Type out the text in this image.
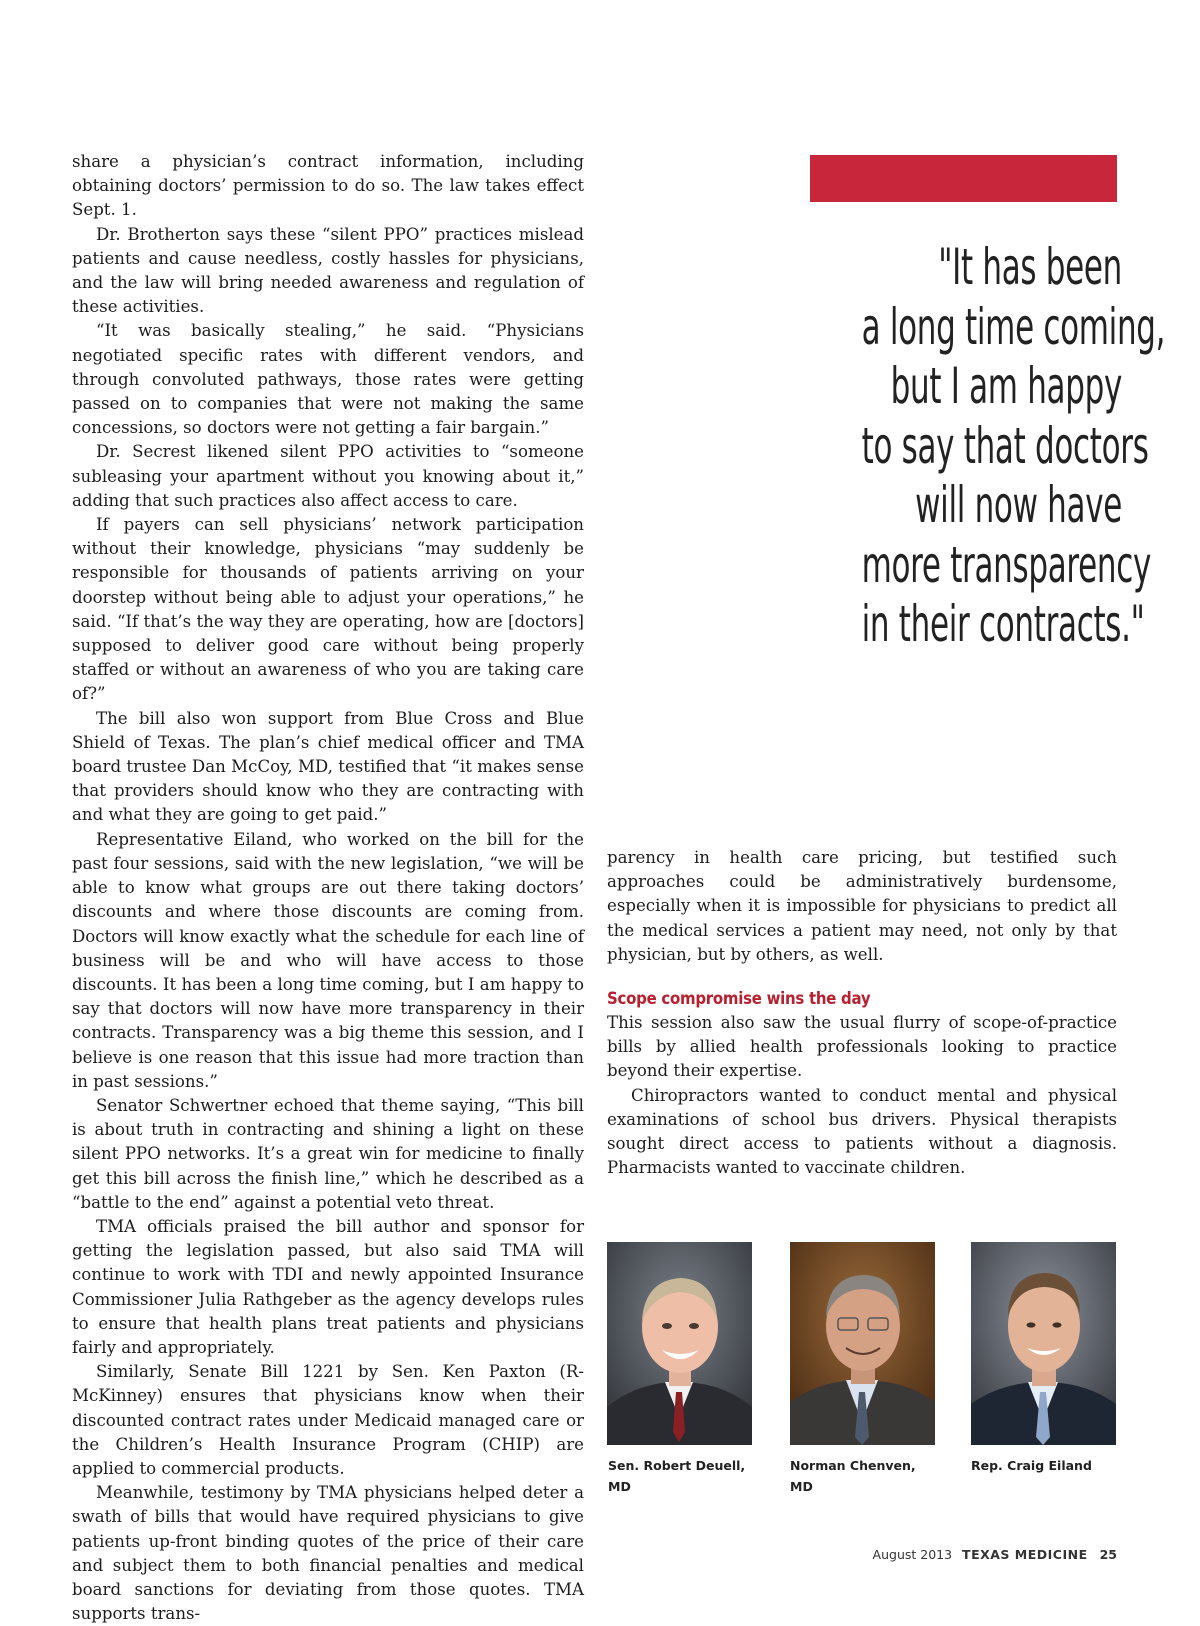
share a physician’s contract information, including obtaining doctors’ permission to do so. The law takes effect Sept. 1.

Dr. Brotherton says these “silent PPO” practices mislead patients and cause needless, costly hassles for physicians, and the law will bring needed awareness and regulation of these activities.

“It was basically stealing,” he said. “Physicians negotiated specific rates with different vendors, and through convoluted pathways, those rates were getting passed on to companies that were not making the same concessions, so doctors were not getting a fair bargain.”

Dr. Secrest likened silent PPO activities to “someone subleasing your apartment without you knowing about it,” adding that such practices also affect access to care.

If payers can sell physicians’ network participation without their knowledge, physicians “may suddenly be responsible for thousands of patients arriving on your doorstep without being able to adjust your operations,” he said. “If that’s the way they are operating, how are [doctors] supposed to deliver good care without being properly staffed or without an awareness of who you are taking care of?”

The bill also won support from Blue Cross and Blue Shield of Texas. The plan’s chief medical officer and TMA board trustee Dan McCoy, MD, testified that “it makes sense that providers should know who they are contracting with and what they are going to get paid.”

Representative Eiland, who worked on the bill for the past four sessions, said with the new legislation, “we will be able to know what groups are out there taking doctors’ discounts and where those discounts are coming from. Doctors will know exactly what the schedule for each line of business will be and who will have access to those discounts. It has been a long time coming, but I am happy to say that doctors will now have more transparency in their contracts. Transparency was a big theme this session, and I believe is one reason that this issue had more traction than in past sessions.”

Senator Schwertner echoed that theme saying, “This bill is about truth in contracting and shining a light on these silent PPO networks. It’s a great win for medicine to finally get this bill across the finish line,” which he described as a “battle to the end” against a potential veto threat.

TMA officials praised the bill author and sponsor for getting the legislation passed, but also said TMA will continue to work with TDI and newly appointed Insurance Commissioner Julia Rathgeber as the agency develops rules to ensure that health plans treat patients and physicians fairly and appropriately.

Similarly, Senate Bill 1221 by Sen. Ken Paxton (R-McKinney) ensures that physicians know when their discounted contract rates under Medicaid managed care or the Children’s Health Insurance Program (CHIP) are applied to commercial products.

Meanwhile, testimony by TMA physicians helped deter a swath of bills that would have required physicians to give patients up-front binding quotes of the price of their care and subject them to both financial penalties and medical board sanctions for deviating from those quotes. TMA supports trans-

"It has been
a long time coming,
but I am happy
to say that doctors
will now have
more transparency
in their contracts."

parency in health care pricing, but testified such approaches could be administratively burdensome, especially when it is impossible for physicians to predict all the medical services a patient may need, not only by that physician, but by others, as well.

Scope compromise wins the day

This session also saw the usual flurry of scope-of-practice bills by allied health professionals looking to practice beyond their expertise.

Chiropractors wanted to conduct mental and physical examinations of school bus drivers. Physical therapists sought direct access to patients without a diagnosis. Pharmacists wanted to vaccinate children.

Sen. Robert Deuell,
MD
Norman Chenven,
MD
Rep. Craig Eiland
August 2013 TEXAS MEDICINE 25
